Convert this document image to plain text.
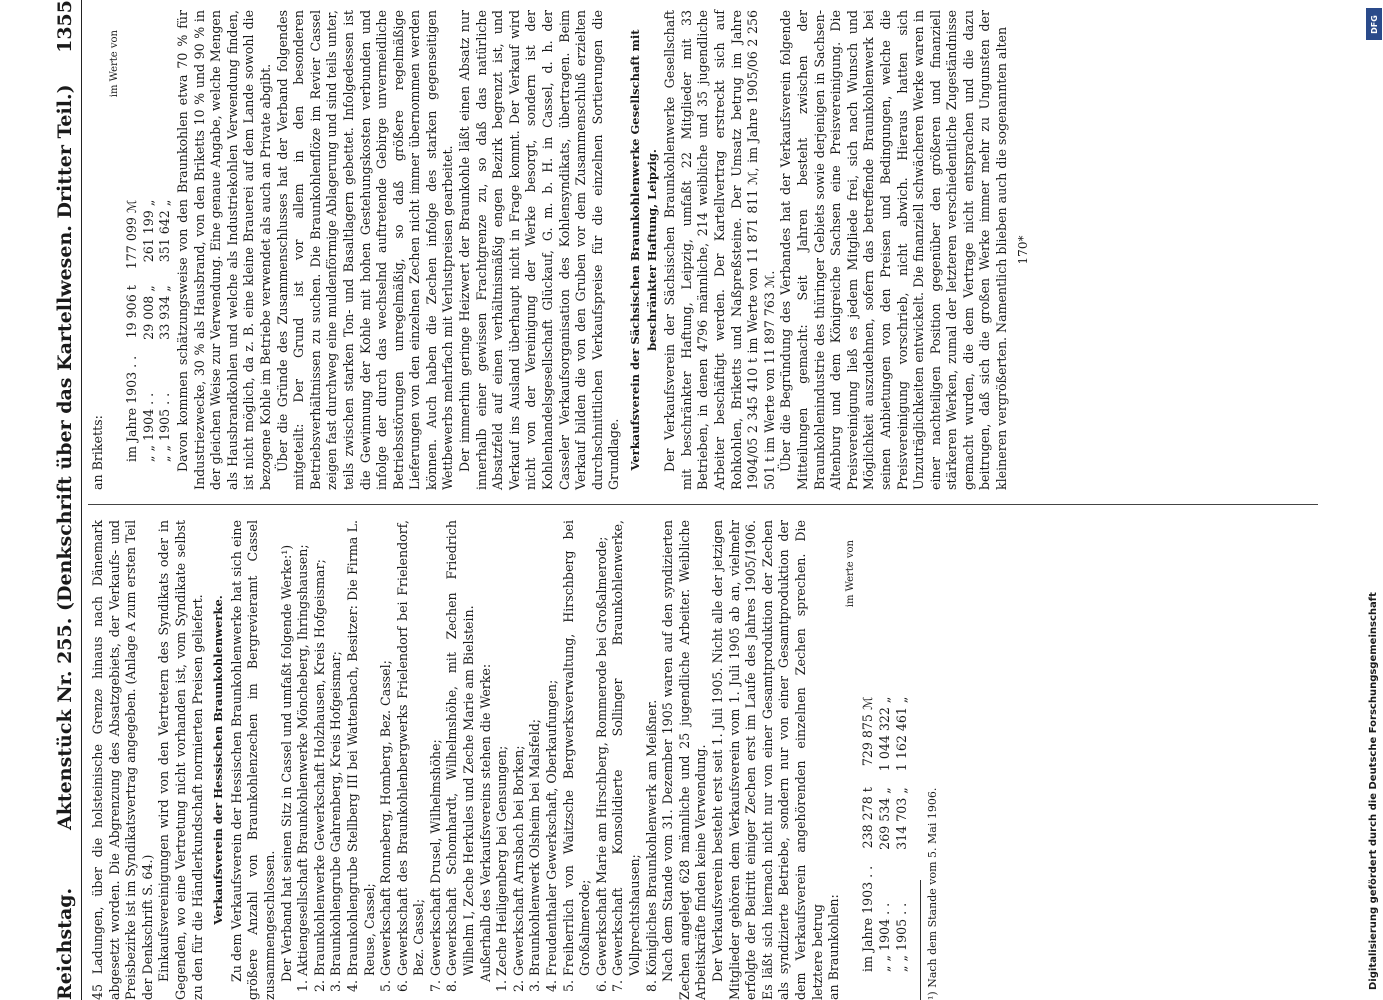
Reichstag.
Aktenstück Nr. 255. (Denkschrift über das Kartellwesen. Dritter Teil.)
1355

45 Ladungen, über die holsteinische Grenze hinaus nach Dänemark abgesetzt worden. Die Abgrenzung des Absatzgebiets, der Verkaufs- und Preisbezirke ist im Syndikatsvertrag angegeben. (Anlage A zum ersten Teil der Denkschrift S. 64.) Einkaufsvereinigungen wird von den Vertretern des Syndikats oder in Gegenden, wo eine Vertretung nicht vorhanden ist, vom Syndikate selbst zu den für die Händlerkundschaft normierten Preisen geliefert. Verkaufsverein der Hessischen Braunkohlenwerke. Zu dem Verkaufsverein der Hessischen Braunkohlenwerke hat sich eine größere Anzahl von Braunkohlenzechen im Bergrevieramt Cassel zusammengeschlossen. Der Verband hat seinen Sitz in Cassel und umfaßt folgende Werke:¹) 1. Aktiengesellschaft Braunkohlenwerke Möncheberg, Ihringshausen; 2. Braunkohlenwerke Gewerkschaft Holzhausen, Kreis Hofgeismar; 3. Braunkohlengrube Gahrenberg, Kreis Hofgeismar; 4. Braunkohlengrube Stellberg III bei Wattenbach, Besitzer: Die Firma L. Reuse, Cassel; 5. Gewerkschaft Ronneberg, Homberg, Bez. Cassel; 6. Gewerkschaft des Braunkohlenbergwerks Frielendorf bei Frielendorf, Bez. Cassel; 7. Gewerkschaft Drusel, Wilhelmshöhe; 8. Gewerkschaft Schomhardt, Wilhelmshöhe, mit Zechen Friedrich Wilhelm I, Zeche Herkules und Zeche Marie am Bielstein. Außerhalb des Verkaufsvereins stehen die Werke: 1. Zeche Heiligenberg bei Gensungen; 2. Gewerkschaft Arnsbach bei Borken; 3. Braunkohlenwerk Olsheim bei Malsfeld; 4. Freudenthaler Gewerkschaft, Oberkaufungen; 5. Freiherrlich von Waitzsche Bergwerksverwaltung, Hirschberg bei Großalmerode; 6. Gewerkschaft Marie am Hirschberg, Rommerode bei Großalmerode; 7. Gewerkschaft Konsolidierte Sollinger Braunkohlenwerke, Vollprechtshausen; 8. Königliches Braunkohlenwerk am Meißner. Nach dem Stande vom 31. Dezember 1905 waren auf den syndizierten Zechen angelegt 628 männliche und 25 jugendliche Arbeiter. Weibliche Arbeitskräfte finden keine Verwendung. Der Verkaufsverein besteht erst seit 1. Juli 1905. Nicht alle der jetzigen Mitglieder gehören dem Verkaufsverein vom 1. Juli 1905 ab an, vielmehr erfolgte der Beitritt einiger Zechen erst im Laufe des Jahres 1905/1906. Es läßt sich hiernach nicht nur von einer Gesamtproduktion der Zechen als syndizierte Betriebe, sondern nur von einer Gesamtproduktion der dem Verkaufsverein angehörenden einzelnen Zechen sprechen. Die letztere betrug an Braunkohlen:

im Werte von
im Jahre 1903 . .	238 278 t	729 875 ℳ
„ „ 1904 . .	269 534 „	1 044 322 „
„ „ 1905 . .	314 703 „	1 162 461 „

¹) Nach dem Stande vom 5. Mai 1906.

an Briketts:

im Werte von
im Jahre 1903 . .	19 906 t	177 099 ℳ
„ „ 1904 . .	29 008 „	261 199 „
„ „ 1905 . .	33 934 „	351 642 „ Davon kommen schätzungsweise von den Braunkohlen etwa 70 % für Industriezwecke, 30 % als Hausbrand, von den Briketts 10 % und 90 % in der gleichen Weise zur Verwendung. Eine genaue Angabe, welche Mengen als Hausbrandkohlen und welche als Industriekohlen Verwendung finden, ist nicht möglich, da z. B. eine kleine Brauerei auf dem Lande sowohl die bezogene Kohle im Betriebe verwendet als auch an Private abgibt. Über die Gründe des Zusammenschlusses hat der Verband folgendes mitgeteilt: Der Grund ist vor allem in den besonderen Betriebsverhältnissen zu suchen. Die Braunkohlenflöze im Revier Cassel zeigen fast durchweg eine muldenförmige Ablagerung und sind teils unter, teils zwischen starken Ton- und Basaltlagern gebettet. Infolgedessen ist die Gewinnung der Kohle mit hohen Gestehungskosten verbunden und infolge der durch das wechselnd auftretende Gebirge unvermeidliche Betriebsstörungen unregelmäßig, so daß größere regelmäßige Lieferungen von den einzelnen Zechen nicht immer übernommen werden können. Auch haben die Zechen infolge des starken gegenseitigen Wettbewerbs mehrfach mit Verlustpreisen gearbeitet. Der immerhin geringe Heizwert der Braunkohle läßt einen Absatz nur innerhalb einer gewissen Frachtgrenze zu, so daß das natürliche Absatzfeld auf einen verhältnismäßig engen Bezirk begrenzt ist, und Verkauf ins Ausland überhaupt nicht in Frage kommt. Der Verkauf wird nicht von der Vereinigung der Werke besorgt, sondern ist der Kohlenhandelsgesellschaft Glückauf, G. m. b. H. in Cassel, d. h. der Casseler Verkaufsorganisation des Kohlensyndikats, übertragen. Beim Verkauf bilden die von den Gruben vor dem Zusammenschluß erzielten durchschnittlichen Verkaufspreise für die einzelnen Sortierungen die Grundlage. Verkaufsverein der Sächsischen Braunkohlenwerke Gesellschaft mit beschränkter Haftung, Leipzig. Der Verkaufsverein der Sächsischen Braunkohlenwerke Gesellschaft mit beschränkter Haftung, Leipzig, umfaßt 22 Mitglieder mit 33 Betrieben, in denen 4796 männliche, 214 weibliche und 35 jugendliche Arbeiter beschäftigt werden. Der Kartellvertrag erstreckt sich auf Rohkohlen, Briketts und Naßpreßsteine. Der Umsatz betrug im Jahre 1904/05 2 345 410 t im Werte von 11 871 811 ℳ, im Jahre 1905/06 2 256 501 t im Werte von 11 897 763 ℳ. Über die Begründung des Verbandes hat der Verkaufsverein folgende Mitteilungen gemacht: Seit Jahren besteht zwischen der Braunkohlenindustrie des thüringer Gebiets sowie derjenigen in Sachsen-Altenburg und dem Königreiche Sachsen eine Preisvereinigung. Die Preisvereinigung ließ es jedem Mitgliede frei, sich nach Wunsch und Möglichkeit auszudehnen, sofern das betreffende Braunkohlenwerk bei seinen Anbietungen von den Preisen und Bedingungen, welche die Preisvereinigung vorschrieb, nicht abwich. Hieraus hatten sich Unzuträglichkeiten entwickelt. Die finanziell schwächeren Werke waren in einer nachteiligen Position gegenüber den größeren und finanziell stärkeren Werken, zumal der letzteren verschiedentliche Zugeständnisse gemacht wurden, die dem Vertrage nicht entsprachen und die dazu beitrugen, daß sich die großen Werke immer mehr zu Ungunsten der kleineren vergrößerten. Namentlich blieben auch die sogenannten alten 170*
DFG
Digitalisierung gefördert durch die Deutsche Forschungsgemeinschaft
